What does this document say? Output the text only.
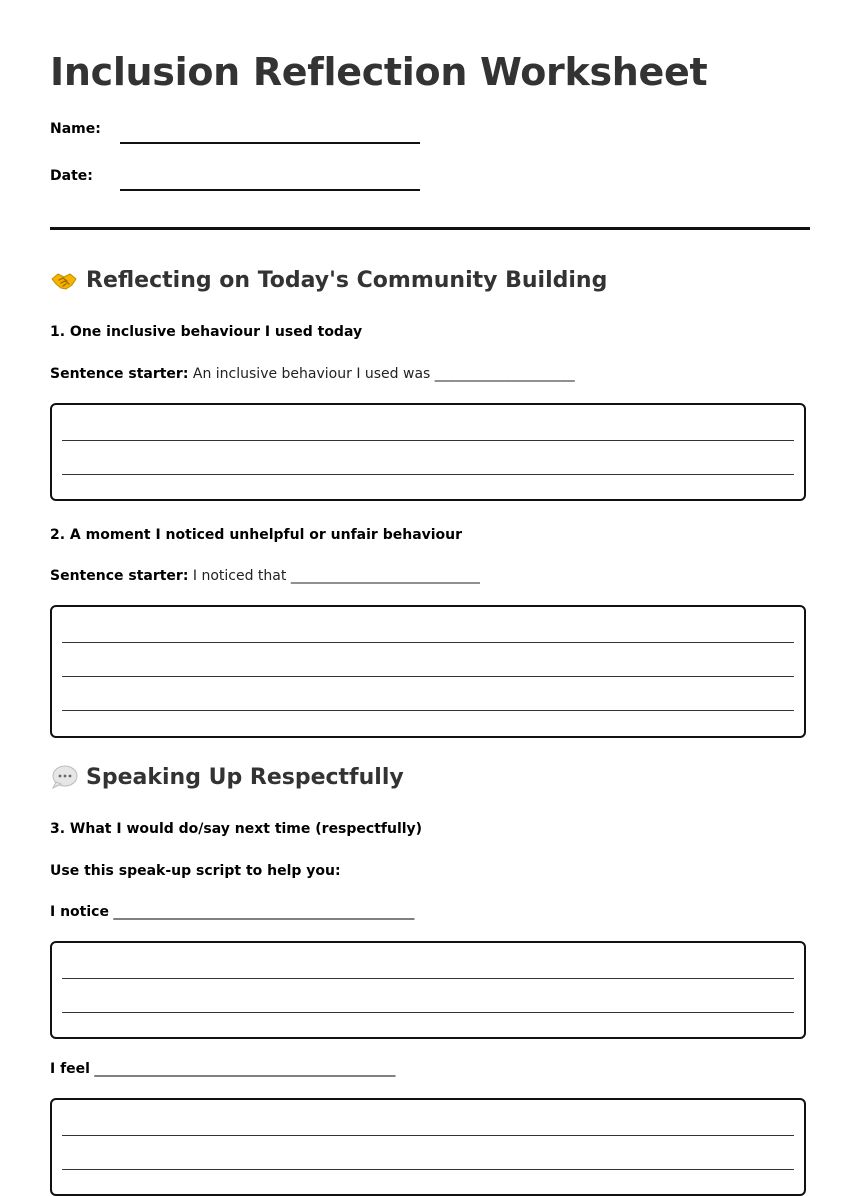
Inclusion Reflection Worksheet
Name:
Date:
Reflecting on Today's Community Building
1. One inclusive behaviour I used today
Sentence starter: An inclusive behaviour I used was ____________________
2. A moment I noticed unhelpful or unfair behaviour
Sentence starter: I noticed that ___________________________
Speaking Up Respectfully
3. What I would do/say next time (respectfully)
Use this speak-up script to help you:
I notice ___________________________________________
I feel ___________________________________________
